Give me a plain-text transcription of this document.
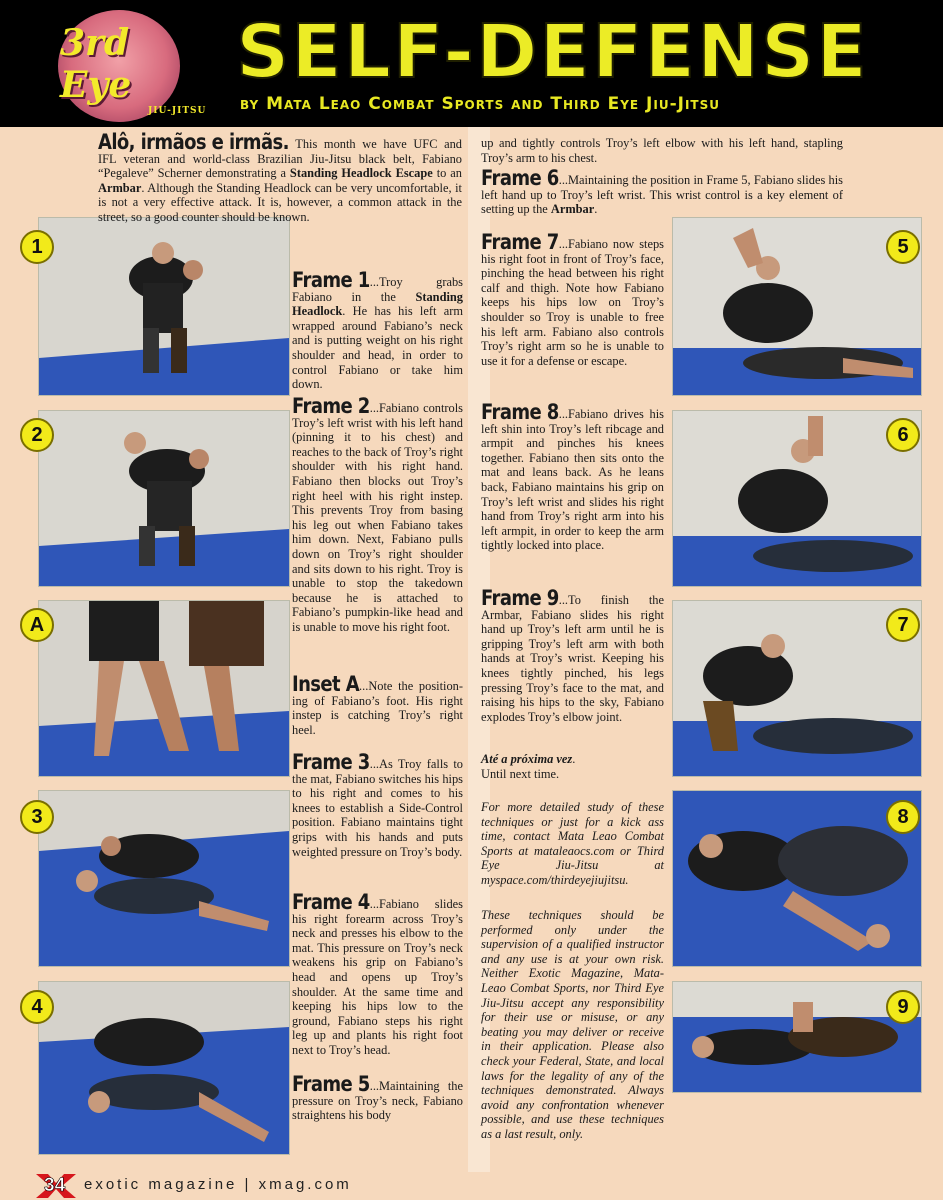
3rd Eye
JIU-JITSU
SELF-DEFENSE
by Mata Leao Combat Sports and Third Eye Jiu-Jitsu
1
2
A
3
4
5
6
7
8
9

Alô, irmãos e irmãs. This month we have UFC and IFL veteran and world-class Brazilian Jiu-Jitsu black belt, Fabiano “Pegaleve” Scherner demonstrating a Standing Headlock Escape to an Armbar. Although the Standing Headlock can be very uncomfortable, it is not a very effective attack. It is, however, a common attack in the street, so a good counter should be known.

Frame 1...Troy grabs Fabiano in the Standing Headlock. He has his left arm wrapped around Fabiano’s neck and is putting weight on his right shoulder and head, in order to control Fabiano or take him down.

Frame 2...Fabiano controls Troy’s left wrist with his left hand (pinning it to his chest) and reaches to the back of Troy’s right shoulder with his right hand. Fabiano then blocks out Troy’s right heel with his right instep. This prevents Troy from basing his leg out when Fabiano takes him down. Next, Fabiano pulls down on Troy’s right shoulder and sits down to his right. Troy is unable to stop the takedown because he is attached to Fabiano’s pumpkin-like head and is unable to move his right foot.

Inset A...Note the position-ing of Fabiano’s foot. His right instep is catching Troy’s right heel.

Frame 3...As Troy falls to the mat, Fabiano switches his hips to his right and comes to his knees to establish a Side-Control position. Fabiano maintains tight grips with his hands and puts weighted pressure on Troy’s body.

Frame 4...Fabiano slides his right forearm across Troy’s neck and presses his elbow to the mat. This pressure on Troy’s neck weakens his grip on Fabiano’s head and opens up Troy’s shoulder. At the same time and keeping his hips low to the ground, Fabiano steps his right leg up and plants his right foot next to Troy’s head.

Frame 5...Maintaining the pressure on Troy’s neck, Fabiano straightens his body

up and tightly controls Troy’s left elbow with his left hand, stapling Troy’s arm to his chest.

Frame 6...Maintaining the position in Frame 5, Fabiano slides his left hand up to Troy’s left wrist. This wrist control is a key element of setting up the Armbar.

Frame 7...Fabiano now steps his right foot in front of Troy’s face, pinching the head between his right calf and thigh. Note how Fabiano keeps his hips low on Troy’s shoulder so Troy is unable to free his left arm. Fabiano also controls Troy’s right arm so he is unable to use it for a defense or escape.

Frame 8...Fabiano drives his left shin into Troy’s left ribcage and armpit and pinches his knees together. Fabiano then sits onto the mat and leans back. As he leans back, Fabiano maintains his grip on Troy’s left wrist and slides his right hand from Troy’s right arm into his left armpit, in order to keep the arm tightly locked into place.

Frame 9...To finish the Armbar, Fabiano slides his right hand up Troy’s left arm until he is gripping Troy’s left arm with both hands at Troy’s wrist. Keeping his knees tightly pinched, his legs pressing Troy’s face to the mat, and raising his hips to the sky, Fabiano explodes Troy’s elbow joint.

Até a próxima vez.
Until next time.

For more detailed study of these techniques or just for a kick ass time, contact Mata Leao Combat Sports at mataleaocs.com or Third Eye Jiu-Jitsu at myspace.com/thirdeyejiujitsu.

These techniques should be performed only under the supervision of a qualified instructor and any use is at your own risk. Neither Exotic Magazine, Mata-Leao Combat Sports, nor Third Eye Jiu-Jitsu accept any responsibility for their use or misuse, or any beating you may deliver or receive in their application. Please also check your Federal, State, and local laws for the legality of any of the techniques demonstrated. Always avoid any confrontation whenever possible, and use these techniques as a last result, only.

34 exotic magazine | xmag.com
